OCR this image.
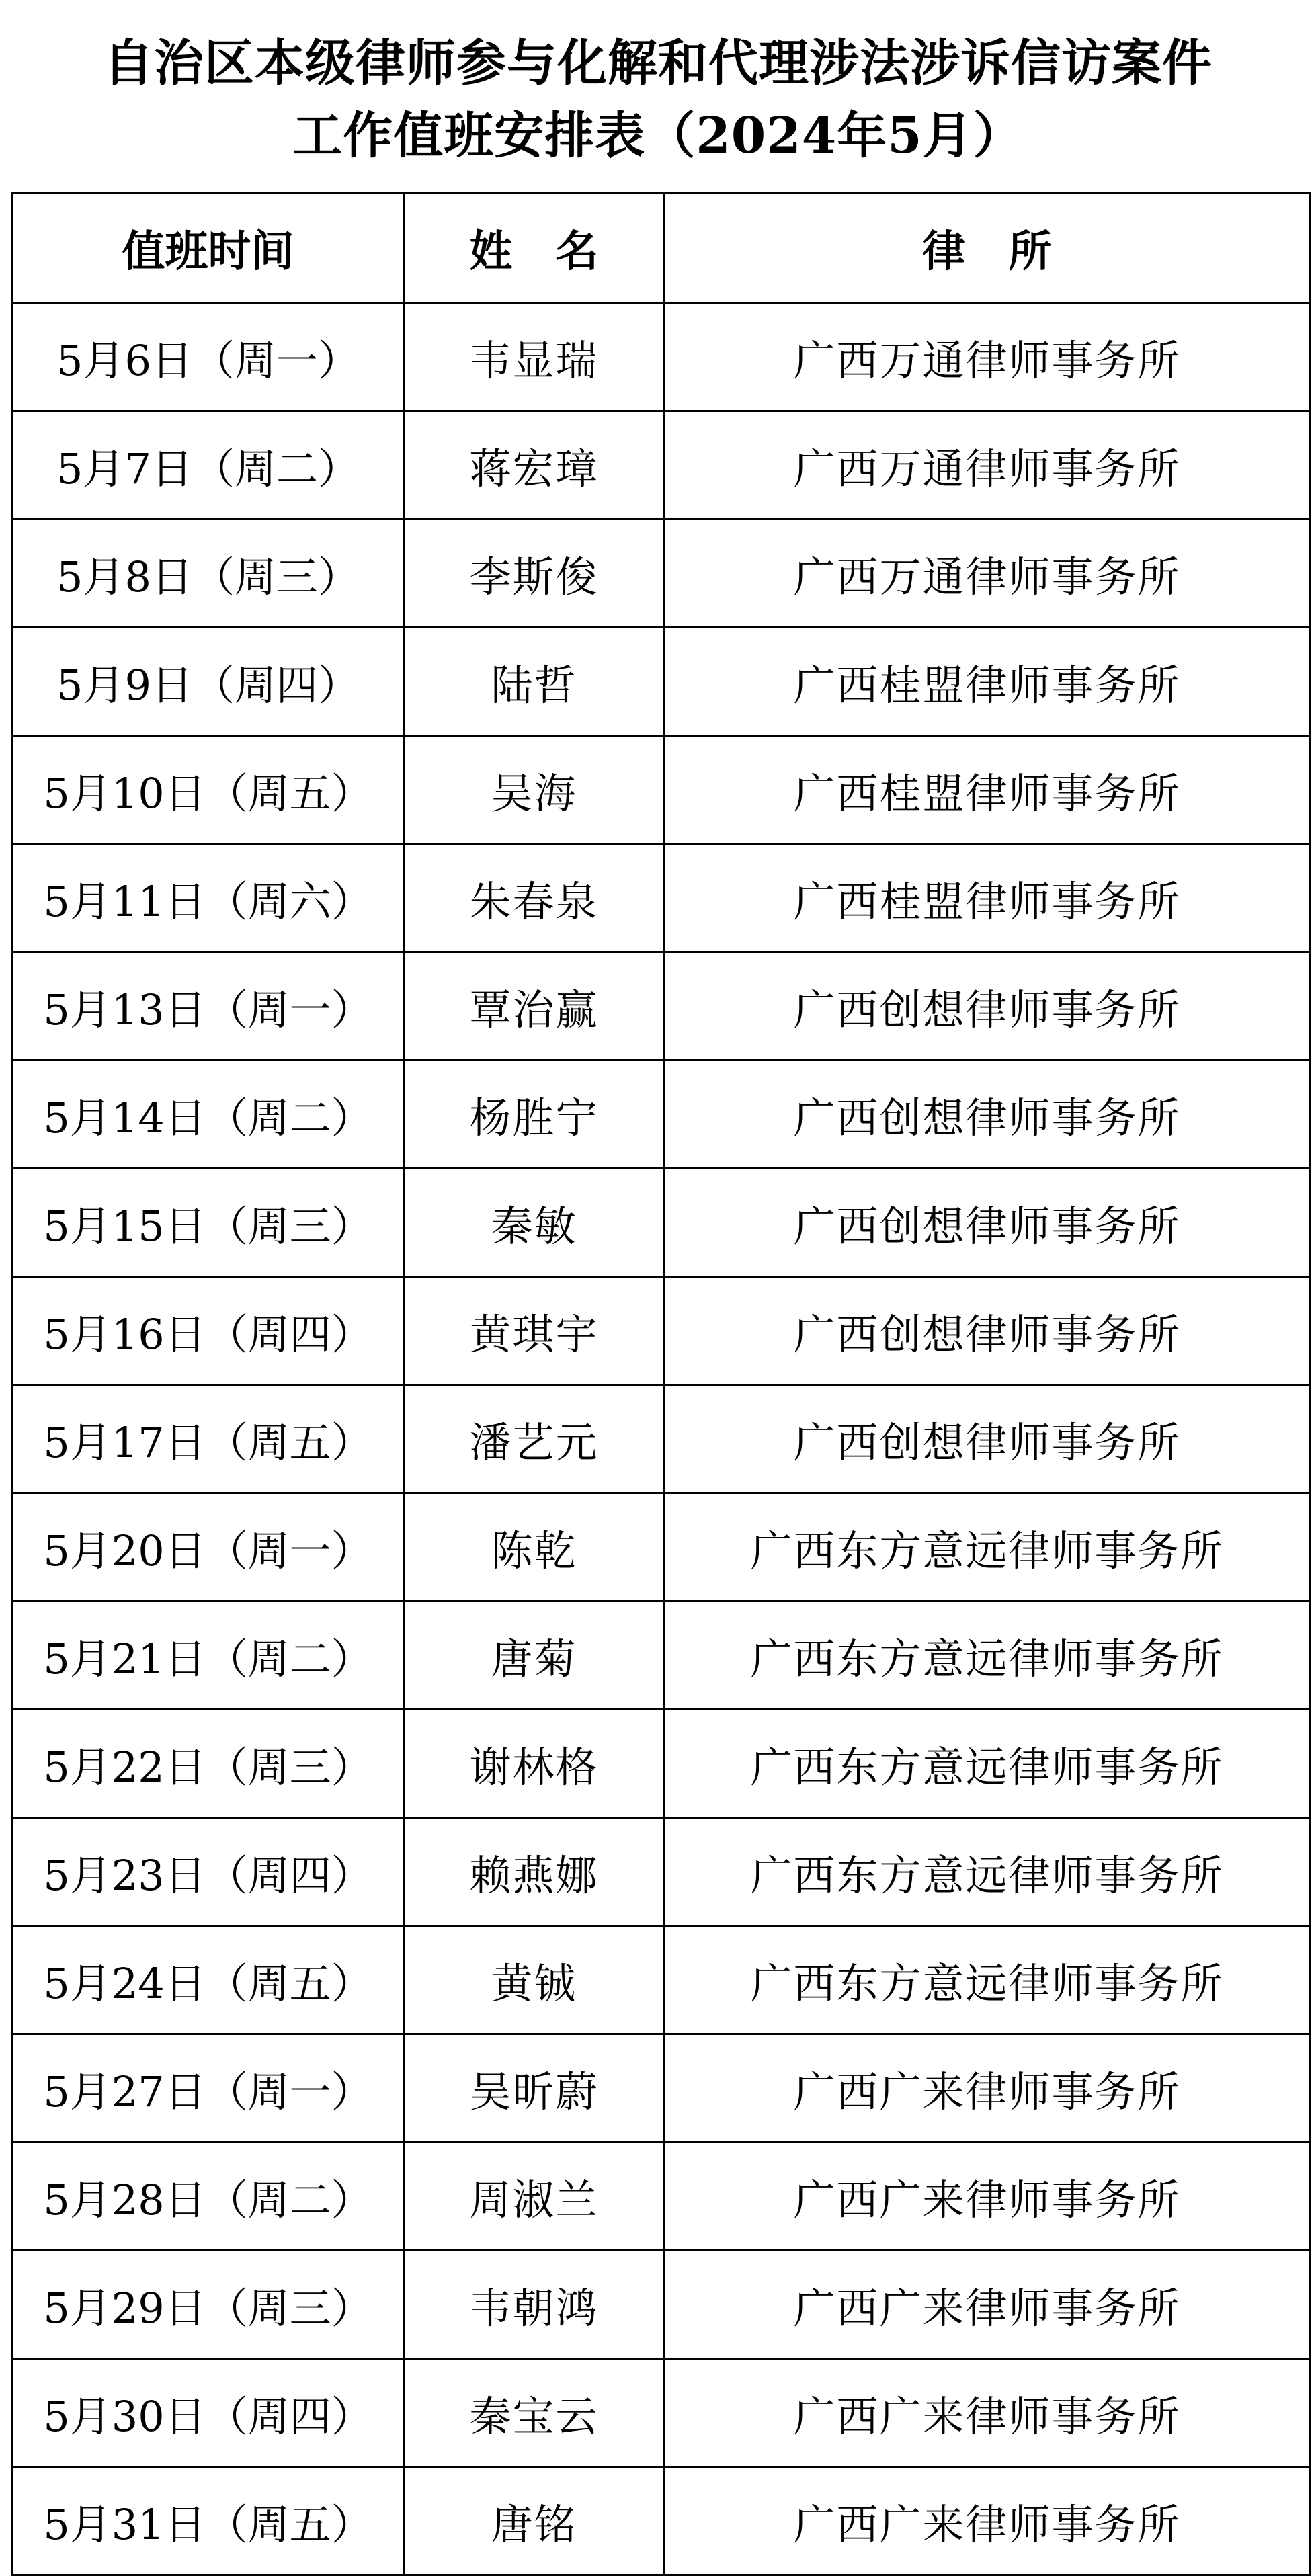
自治区本级律师参与化解和代理涉法涉诉信访案件
工作值班安排表（2024年5月）
值班时间	姓　名	律　所
5月6日（周一）	韦显瑞	广西万通律师事务所
5月7日（周二）	蒋宏璋	广西万通律师事务所
5月8日（周三）	李斯俊	广西万通律师事务所
5月9日（周四）	陆哲	广西桂盟律师事务所
5月10日（周五）	吴海	广西桂盟律师事务所
5月11日（周六）	朱春泉	广西桂盟律师事务所
5月13日（周一）	覃治赢	广西创想律师事务所
5月14日（周二）	杨胜宁	广西创想律师事务所
5月15日（周三）	秦敏	广西创想律师事务所
5月16日（周四）	黄琪宇	广西创想律师事务所
5月17日（周五）	潘艺元	广西创想律师事务所
5月20日（周一）	陈乾	广西东方意远律师事务所
5月21日（周二）	唐菊	广西东方意远律师事务所
5月22日（周三）	谢林格	广西东方意远律师事务所
5月23日（周四）	赖燕娜	广西东方意远律师事务所
5月24日（周五）	黄铖	广西东方意远律师事务所
5月27日（周一）	吴昕蔚	广西广来律师事务所
5月28日（周二）	周淑兰	广西广来律师事务所
5月29日（周三）	韦朝鸿	广西广来律师事务所
5月30日（周四）	秦宝云	广西广来律师事务所
5月31日（周五）	唐铭	广西广来律师事务所
